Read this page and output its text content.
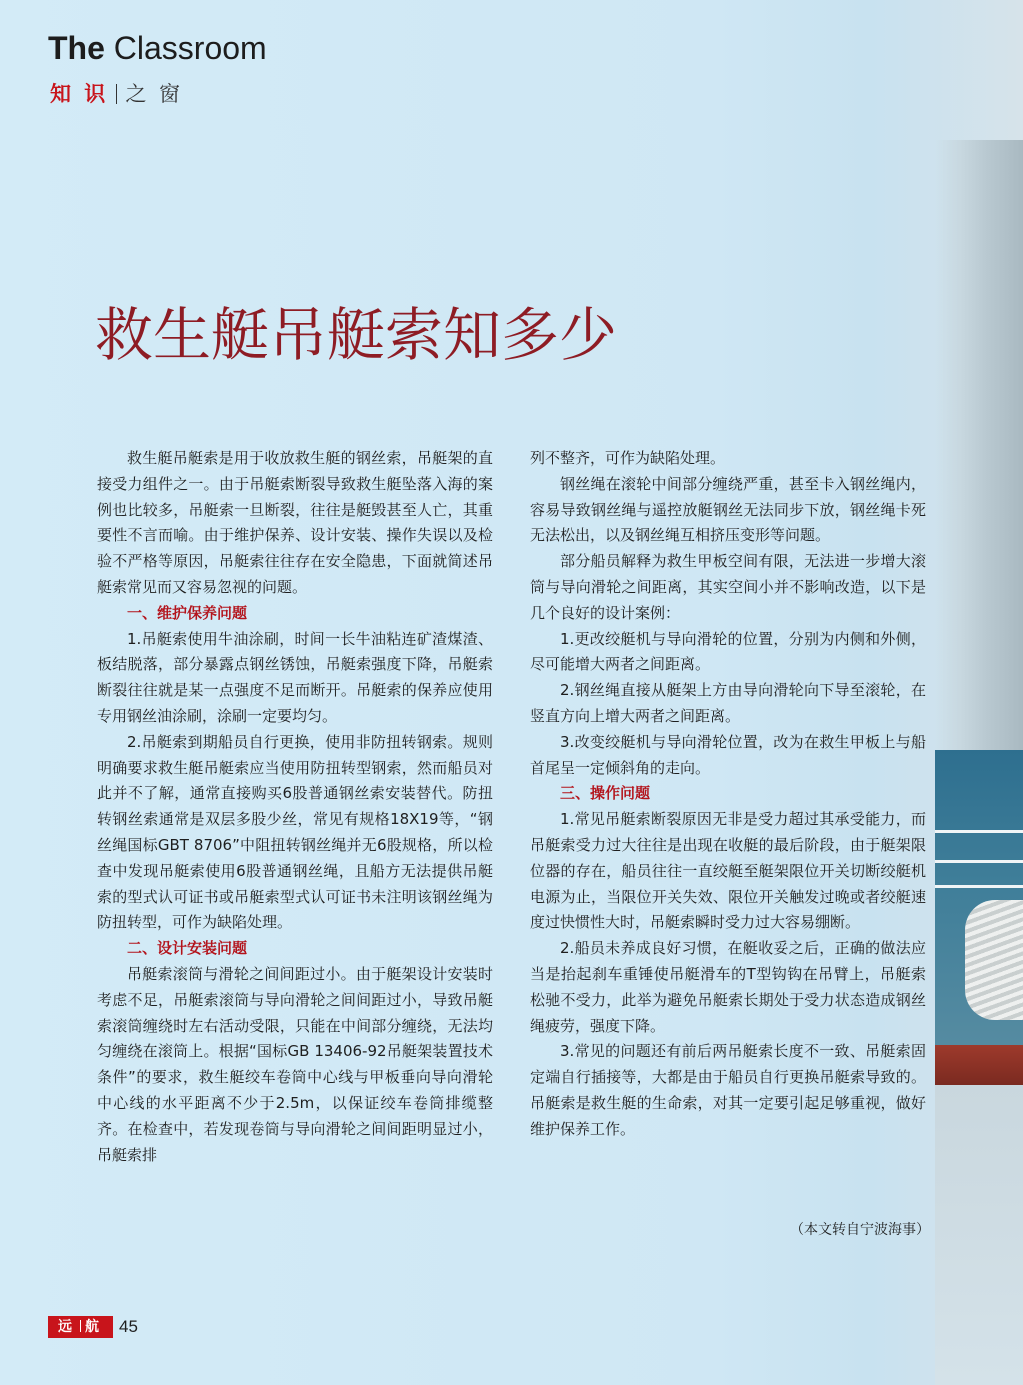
The Classroom
知 识 之 窗
救生艇吊艇索知多少

救生艇吊艇索是用于收放救生艇的钢丝索，吊艇架的直接受力组件之一。由于吊艇索断裂导致救生艇坠落入海的案例也比较多，吊艇索一旦断裂，往往是艇毁甚至人亡，其重要性不言而喻。由于维护保养、设计安装、操作失误以及检验不严格等原因，吊艇索往往存在安全隐患，下面就简述吊艇索常见而又容易忽视的问题。

一、维护保养问题

1.吊艇索使用牛油涂刷，时间一长牛油粘连矿渣煤渣、板结脱落，部分暴露点钢丝锈蚀，吊艇索强度下降，吊艇索断裂往往就是某一点强度不足而断开。吊艇索的保养应使用专用钢丝油涂刷，涂刷一定要均匀。

2.吊艇索到期船员自行更换，使用非防扭转钢索。规则明确要求救生艇吊艇索应当使用防扭转型钢索，然而船员对此并不了解，通常直接购买6股普通钢丝索安装替代。防扭转钢丝索通常是双层多股少丝，常见有规格18X19等，“钢丝绳国标GBT 8706”中阻扭转钢丝绳并无6股规格，所以检查中发现吊艇索使用6股普通钢丝绳，且船方无法提供吊艇索的型式认可证书或吊艇索型式认可证书未注明该钢丝绳为防扭转型，可作为缺陷处理。

二、设计安装问题

吊艇索滚筒与滑轮之间间距过小。由于艇架设计安装时考虑不足，吊艇索滚筒与导向滑轮之间间距过小，导致吊艇索滚筒缠绕时左右活动受限，只能在中间部分缠绕，无法均匀缠绕在滚筒上。根据“国标GB 13406-92吊艇架装置技术条件”的要求，救生艇绞车卷筒中心线与甲板垂向导向滑轮中心线的水平距离不少于2.5m，以保证绞车卷筒排缆整齐。在检查中，若发现卷筒与导向滑轮之间间距明显过小，吊艇索排

列不整齐，可作为缺陷处理。

钢丝绳在滚轮中间部分缠绕严重，甚至卡入钢丝绳内，容易导致钢丝绳与遥控放艇钢丝无法同步下放，钢丝绳卡死无法松出，以及钢丝绳互相挤压变形等问题。

部分船员解释为救生甲板空间有限，无法进一步增大滚筒与导向滑轮之间距离，其实空间小并不影响改造，以下是几个良好的设计案例：

1.更改绞艇机与导向滑轮的位置，分别为内侧和外侧，尽可能增大两者之间距离。

2.钢丝绳直接从艇架上方由导向滑轮向下导至滚轮，在竖直方向上增大两者之间距离。

3.改变绞艇机与导向滑轮位置，改为在救生甲板上与船首尾呈一定倾斜角的走向。

三、操作问题

1.常见吊艇索断裂原因无非是受力超过其承受能力，而吊艇索受力过大往往是出现在收艇的最后阶段，由于艇架限位器的存在，船员往往一直绞艇至艇架限位开关切断绞艇机电源为止，当限位开关失效、限位开关触发过晚或者绞艇速度过快惯性大时，吊艇索瞬时受力过大容易绷断。

2.船员未养成良好习惯，在艇收妥之后，正确的做法应当是抬起刹车重锤使吊艇滑车的T型钩钩在吊臂上，吊艇索松驰不受力，此举为避免吊艇索长期处于受力状态造成钢丝绳疲劳，强度下降。

3.常见的问题还有前后两吊艇索长度不一致、吊艇索固定端自行插接等，大都是由于船员自行更换吊艇索导致的。吊艇索是救生艇的生命索，对其一定要引起足够重视，做好维护保养工作。

（本文转自宁波海事）
远 航 45
